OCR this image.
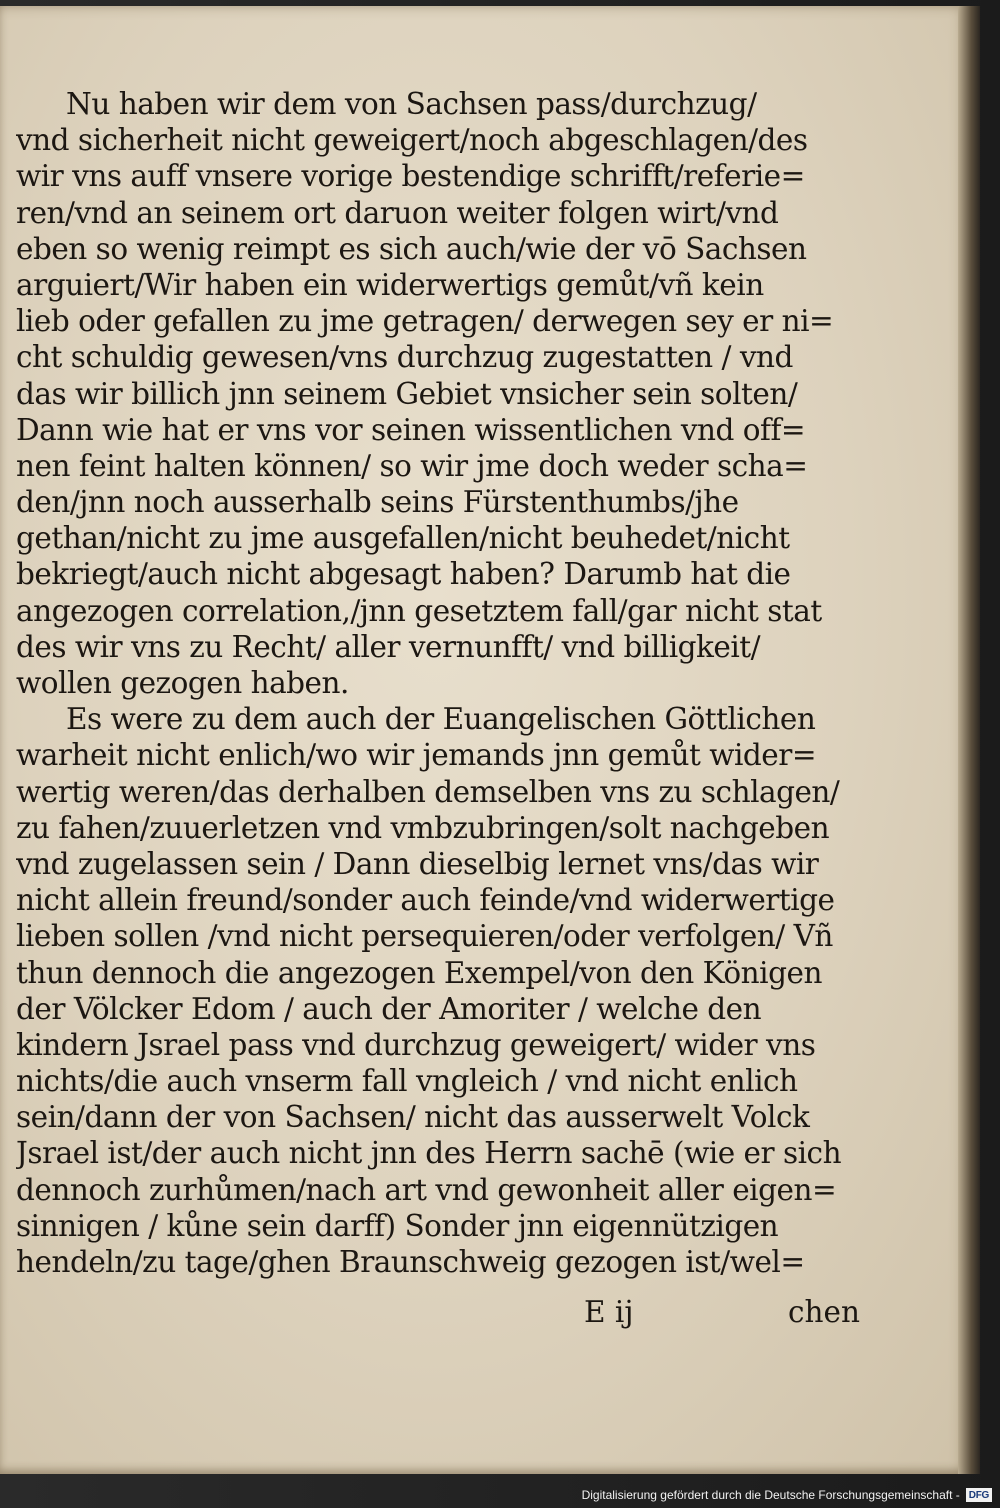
Nu haben wir dem von Sachsen pass/durchzug/
vnd sicherheit nicht geweigert/noch abgeschlagen/des
wir vns auff vnsere vorige bestendige schrifft/referie=
ren/vnd an seinem ort daruon weiter folgen wirt/vnd
eben so wenig reimpt es sich auch/wie der vō Sachsen
arguiert/Wir haben ein widerwertigs gemůt/vñ kein
lieb oder gefallen zu jme getragen/ derwegen sey er ni=
cht schuldig gewesen/vns durchzug zugestatten / vnd
das wir billich jnn seinem Gebiet vnsicher sein solten/
Dann wie hat er vns vor seinen wissentlichen vnd off=
nen feint halten können/ so wir jme doch weder scha=
den/jnn noch ausserhalb seins Fürstenthumbs/jhe
gethan/nicht zu jme ausgefallen/nicht beuhedet/nicht
bekriegt/auch nicht abgesagt haben? Darumb hat die
angezogen correlation,/jnn gesetztem fall/gar nicht stat
des wir vns zu Recht/ aller vernunfft/ vnd billigkeit/
wollen gezogen haben.
Es were zu dem auch der Euangelischen Göttlichen
warheit nicht enlich/wo wir jemands jnn gemůt wider=
wertig weren/das derhalben demselben vns zu schlagen/
zu fahen/zuuerletzen vnd vmbzubringen/solt nachgeben
vnd zugelassen sein / Dann dieselbig lernet vns/das wir
nicht allein freund/sonder auch feinde/vnd widerwertige
lieben sollen /vnd nicht persequieren/oder verfolgen/ Vñ
thun dennoch die angezogen Exempel/von den Königen
der Völcker Edom / auch der Amoriter / welche den
kindern Jsrael pass vnd durchzug geweigert/ wider vns
nichts/die auch vnserm fall vngleich / vnd nicht enlich
sein/dann der von Sachsen/ nicht das ausserwelt Volck
Jsrael ist/der auch nicht jnn des Herrn sachē (wie er sich
dennoch zurhůmen/nach art vnd gewonheit aller eigen=
sinnigen / kůne sein darff) Sonder jnn eigennützigen
hendeln/zu tage/ghen Braunschweig gezogen ist/wel=
E ij	chen
Digitalisierung gefördert durch die Deutsche Forschungsgemeinschaft - DFG
